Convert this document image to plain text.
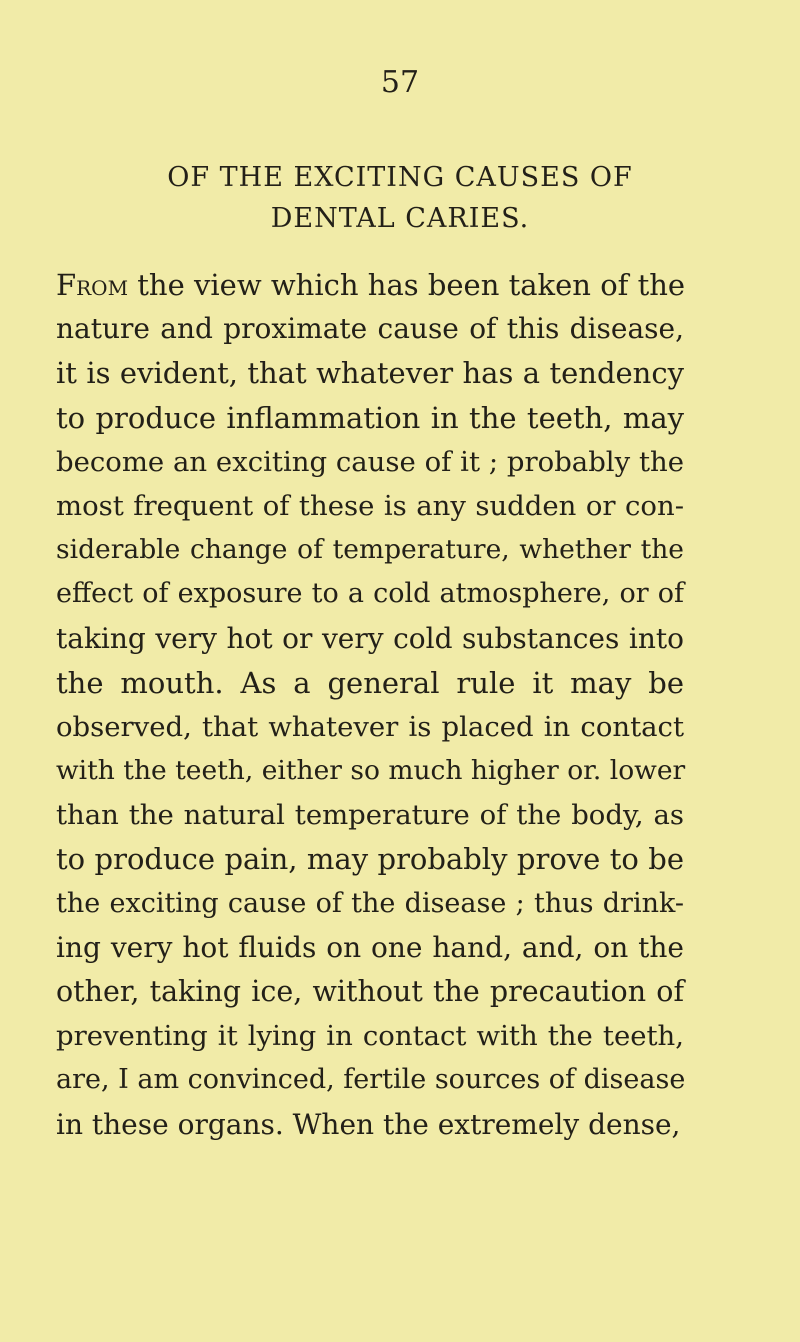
57
OF THE EXCITING CAUSES OF
DENTAL CARIES.
From the view which has been taken of the
nature and proximate cause of this disease,
it is evident, that whatever has a tendency
to produce inflammation in the teeth, may
become an exciting cause of it ; probably the
most frequent of these is any sudden or con-
siderable change of temperature, whether the
effect of exposure to a cold atmosphere, or of
taking very hot or very cold substances into
the mouth. As a general rule it may be
observed, that whatever is placed in contact
with the teeth, either so much higher or. lower
than the natural temperature of the body, as
to produce pain, may probably prove to be
the exciting cause of the disease ; thus drink-
ing very hot fluids on one hand, and, on the
other, taking ice, without the precaution of
preventing it lying in contact with the teeth,
are, I am convinced, fertile sources of disease
in these organs. When the extremely dense,
